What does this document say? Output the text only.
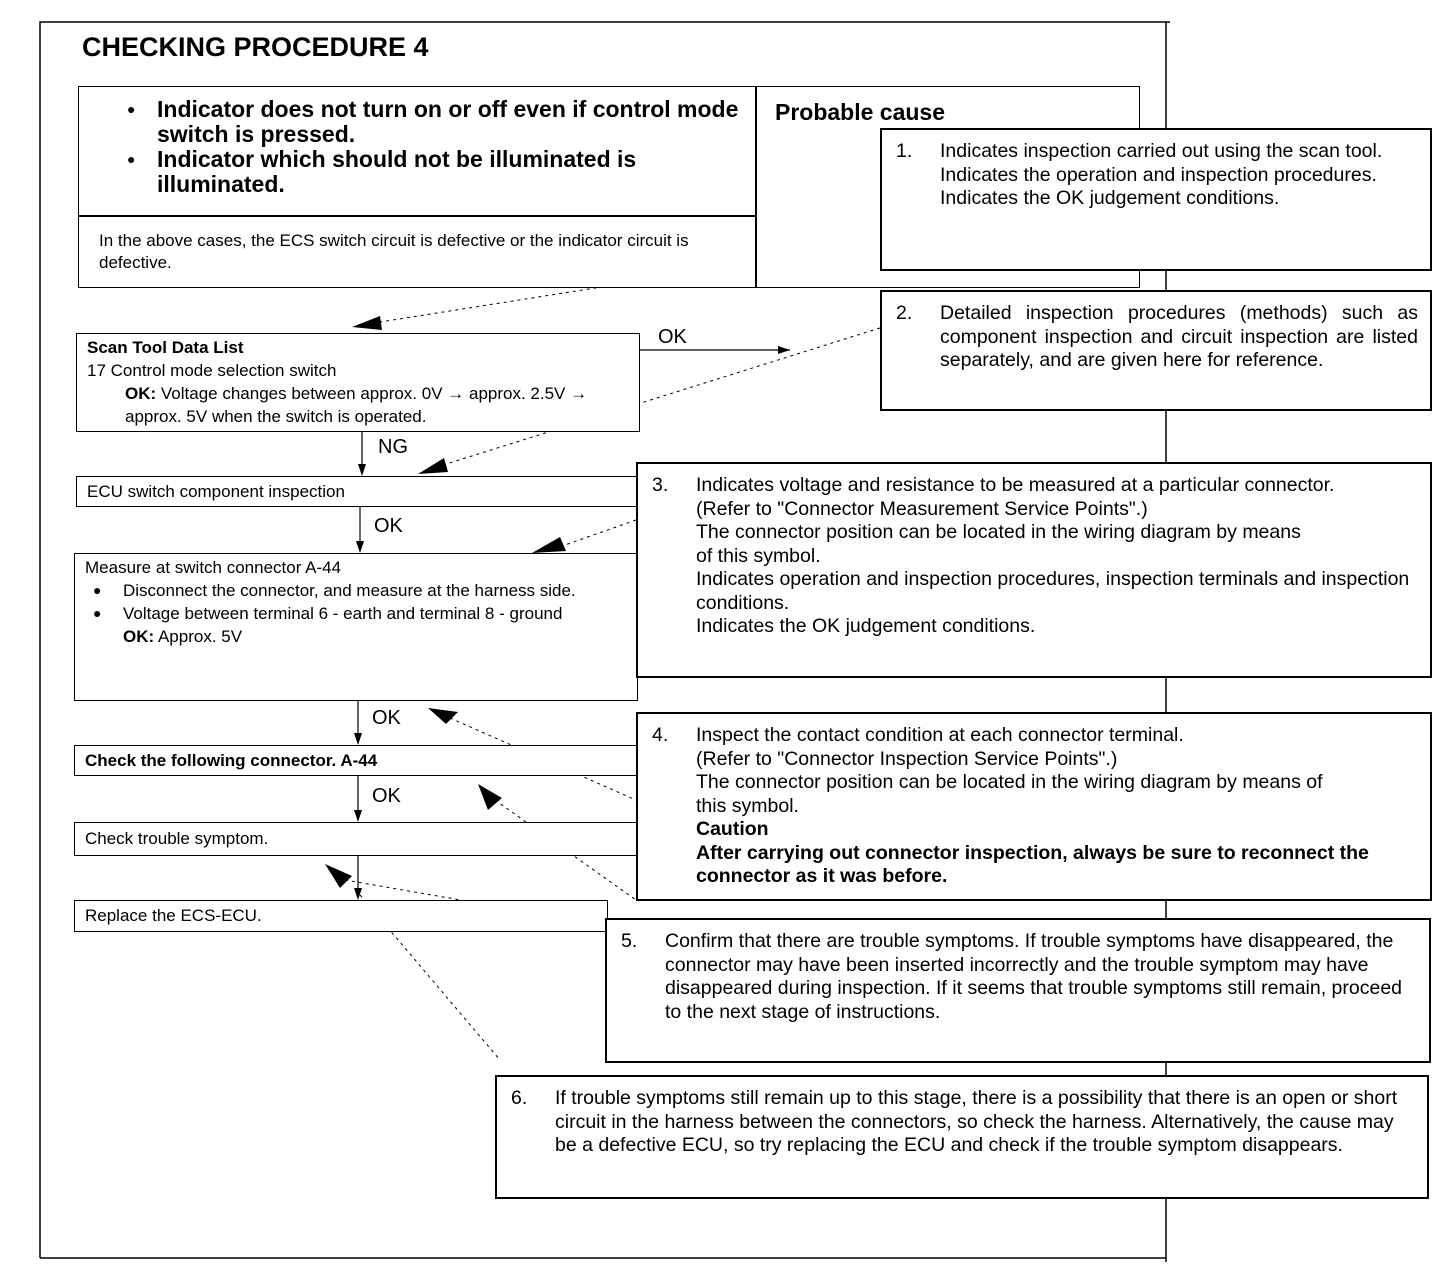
CHECKING PROCEDURE 4
● Indicator does not turn on or off even if control mode switch is pressed.
● Indicator which should not be illuminated is illuminated.
Probable cause
In the above cases, the ECS switch circuit is defective or the indicator circuit is defective.
Scan Tool Data List
17 Control mode selection switch
OK: Voltage changes between approx. 0V → approx. 2.5V → approx. 5V when the switch is operated.
OK
NG
ECU switch component inspection
OK
Measure at switch connector A-44
● Disconnect the connector, and measure at the harness side.
● Voltage between terminal 6 - earth and terminal 8 - ground
OK: Approx. 5V
OK
Check the following connector. A-44
OK
Check trouble symptom.
Replace the ECS-ECU.
1. Indicates inspection carried out using the scan tool.
Indicates the operation and inspection procedures.
Indicates the OK judgement conditions.
2. Detailed inspection procedures (methods) such as component inspection and circuit inspection are listed separately, and are given here for reference.
3. Indicates voltage and resistance to be measured at a particular connector.
(Refer to "Connector Measurement Service Points".)
The connector position can be located in the wiring diagram by means of this symbol.
Indicates operation and inspection procedures, inspection terminals and inspection conditions.
Indicates the OK judgement conditions.
4. Inspect the contact condition at each connector terminal.
(Refer to "Connector Inspection Service Points".)
The connector position can be located in the wiring diagram by means of this symbol.
Caution
After carrying out connector inspection, always be sure to reconnect the connector as it was before.
5. Confirm that there are trouble symptoms. If trouble symptoms have disappeared, the connector may have been inserted incorrectly and the trouble symptom may have disappeared during inspection. If it seems that trouble symptoms still remain, proceed to the next stage of instructions.
6. If trouble symptoms still remain up to this stage, there is a possibility that there is an open or short circuit in the harness between the connectors, so check the harness. Alternatively, the cause may be a defective ECU, so try replacing the ECU and check if the trouble symptom disappears.
